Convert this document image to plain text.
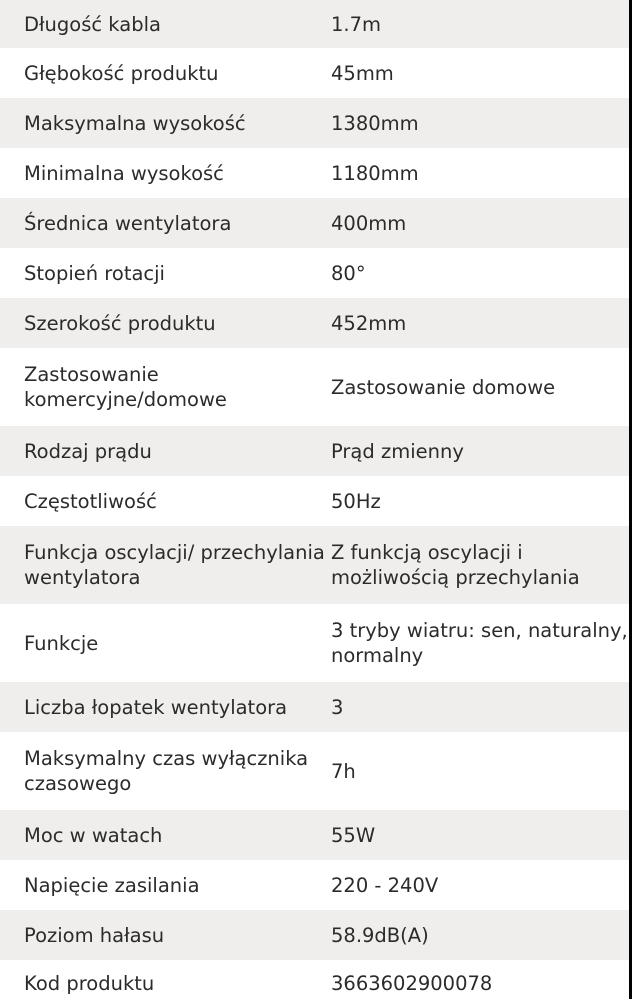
Długość kabla	1.7m
Głębokość produktu	45mm
Maksymalna wysokość	1380mm
Minimalna wysokość	1180mm
Średnica wentylatora	400mm
Stopień rotacji	80°
Szerokość produktu	452mm
Zastosowanie komercyjne/domowe	Zastosowanie domowe
Rodzaj prądu	Prąd zmienny
Częstotliwość	50Hz
Funkcja oscylacji/ przechylania wentylatora	Z funkcją oscylacji i możliwością przechylania
Funkcje	3 tryby wiatru: sen, naturalny, normalny
Liczba łopatek wentylatora	3
Maksymalny czas wyłącznika czasowego	7h
Moc w watach	55W
Napięcie zasilania	220 - 240V
Poziom hałasu	58.9dB(A)
Kod produktu	3663602900078
